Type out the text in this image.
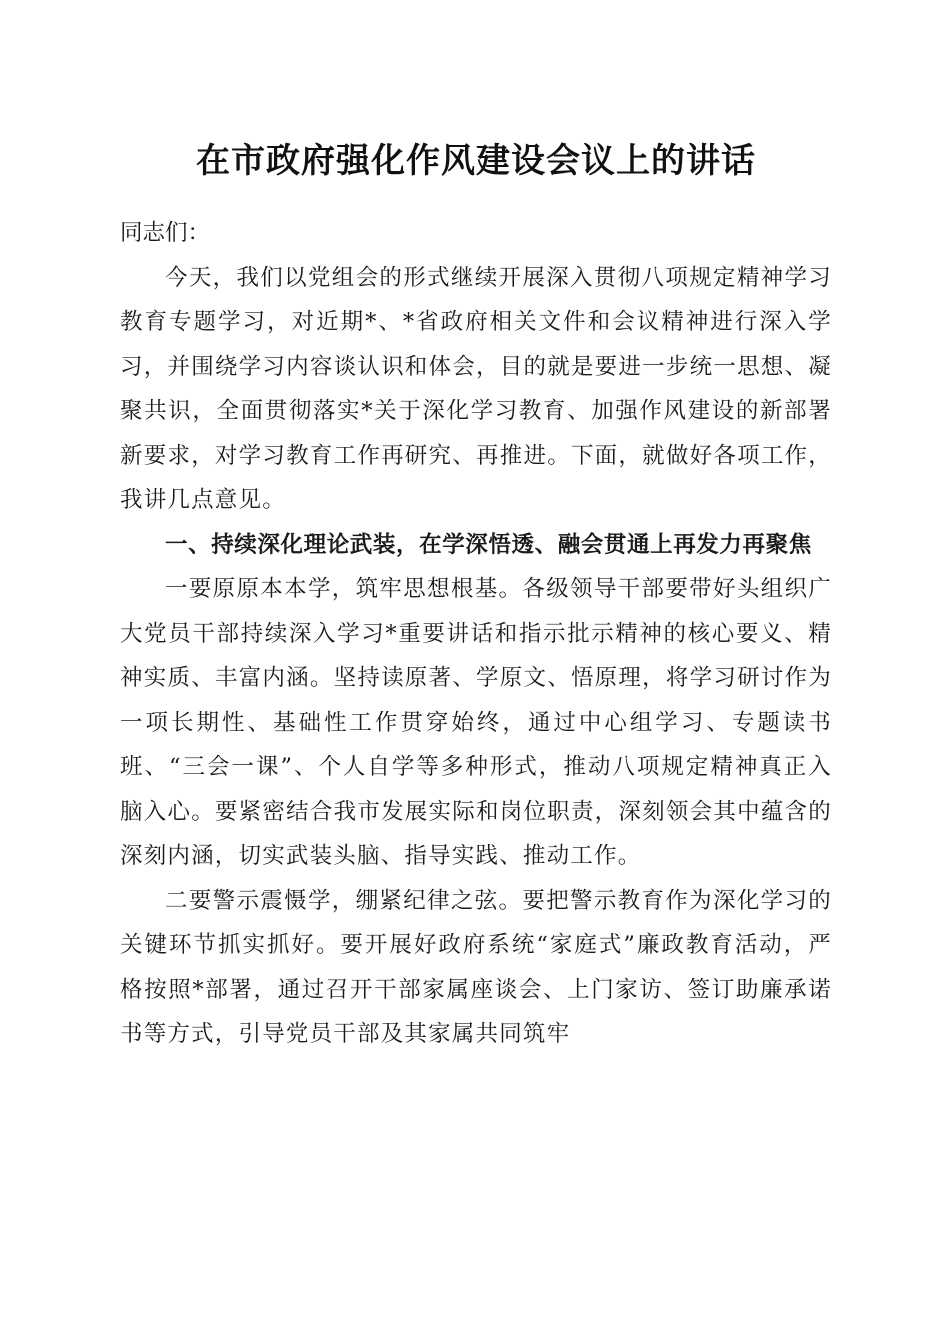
在市政府强化作风建设会议上的讲话

同志们：

今天，我们以党组会的形式继续开展深入贯彻八项规定精神学习教育专题学习，对近期*、*省政府相关文件和会议精神进行深入学习，并围绕学习内容谈认识和体会，目的就是要进一步统一思想、凝聚共识，全面贯彻落实*关于深化学习教育、加强作风建设的新部署新要求，对学习教育工作再研究、再推进。下面，就做好各项工作，我讲几点意见。

一、持续深化理论武装，在学深悟透、融会贯通上再发力再聚焦

一要原原本本学，筑牢思想根基。各级领导干部要带好头组织广大党员干部持续深入学习*重要讲话和指示批示精神的核心要义、精神实质、丰富内涵。坚持读原著、学原文、悟原理，将学习研讨作为一项长期性、基础性工作贯穿始终，通过中心组学习、专题读书班、“三会一课”、个人自学等多种形式，推动八项规定精神真正入脑入心。要紧密结合我市发展实际和岗位职责，深刻领会其中蕴含的深刻内涵，切实武装头脑、指导实践、推动工作。

二要警示震慑学，绷紧纪律之弦。要把警示教育作为深化学习的关键环节抓实抓好。要开展好政府系统“家庭式”廉政教育活动，严格按照*部署，通过召开干部家属座谈会、上门家访、签订助廉承诺书等方式，引导党员干部及其家属共同筑牢
